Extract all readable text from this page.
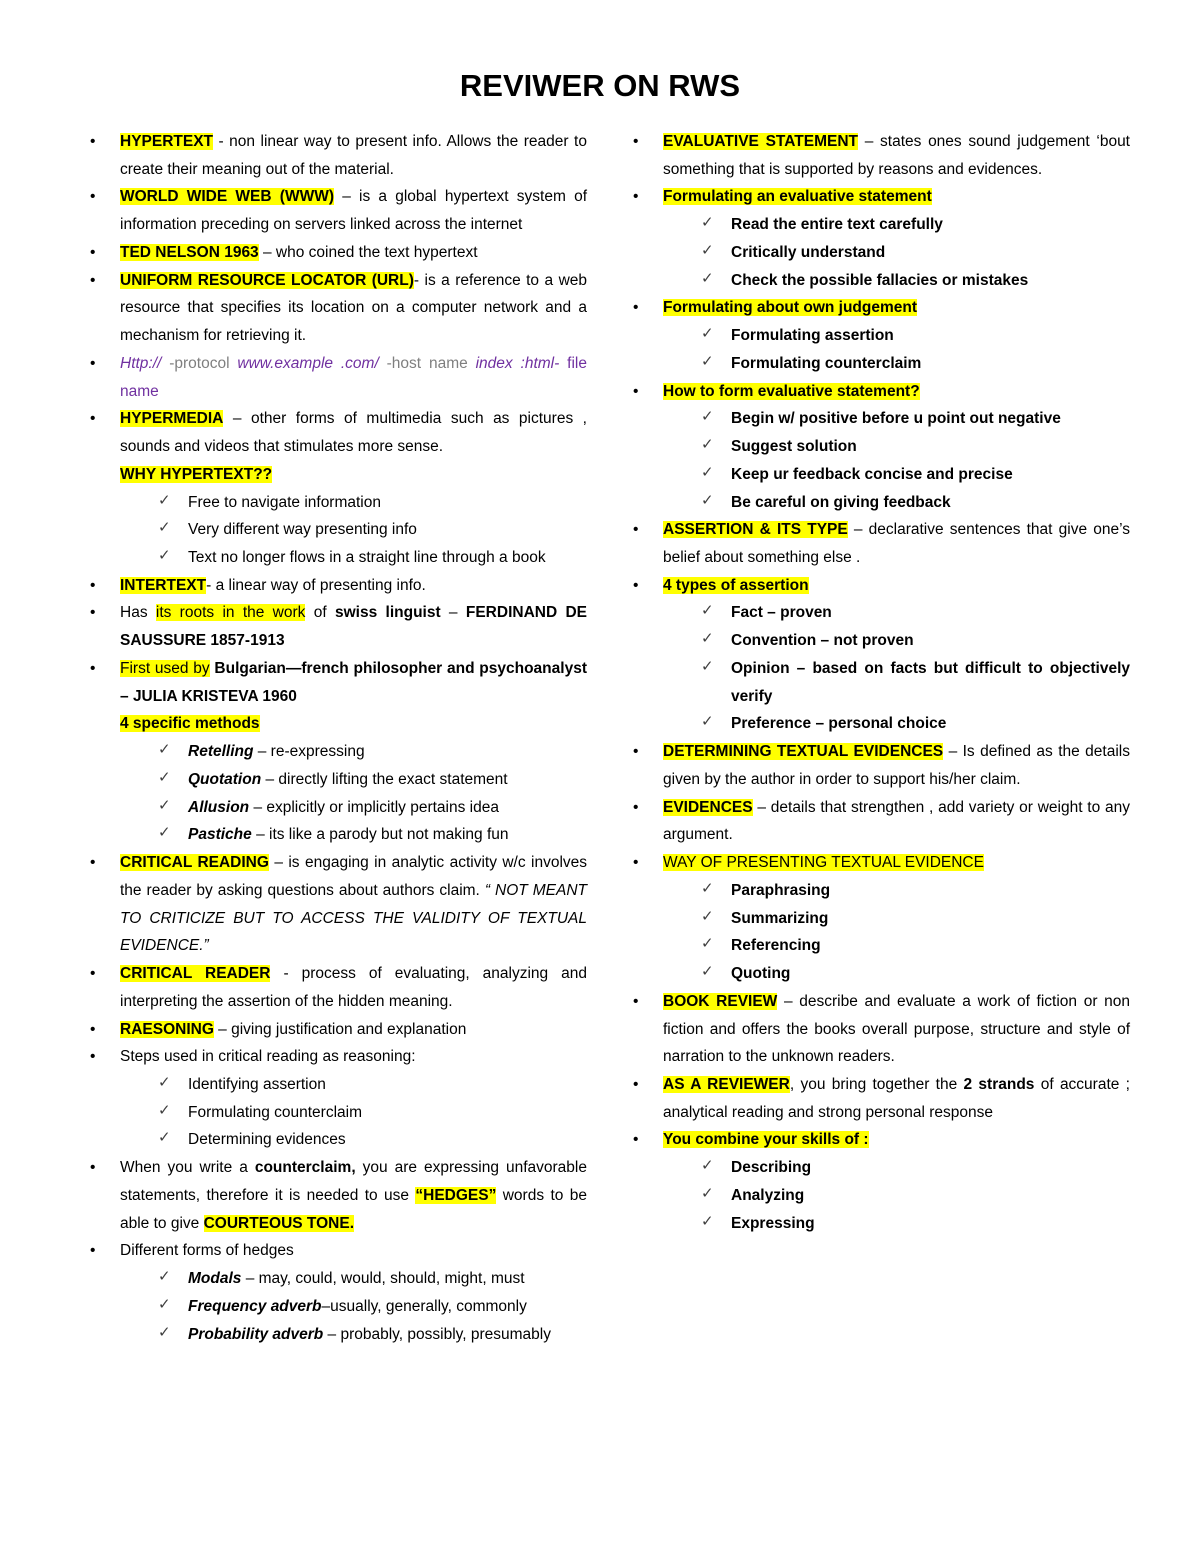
REVIWER ON RWS
• HYPERTEXT - non linear way to present info. Allows the reader to create their meaning out of the material.
• WORLD WIDE WEB (WWW) – is a global hypertext system of information preceding on servers linked across the internet
• TED NELSON 1963 – who coined the text hypertext
• UNIFORM RESOURCE LOCATOR (URL)- is a reference to a web resource that specifies its location on a computer network and a mechanism for retrieving it.
• Http:// -protocol www.example .com/ -host name index :html- file name
• HYPERMEDIA – other forms of multimedia such as pictures , sounds and videos that stimulates more sense.
WHY HYPERTEXT??
✓ Free to navigate information
✓ Very different way presenting info
✓ Text no longer flows in a straight line through a book
• INTERTEXT- a linear way of presenting info.
• Has its roots in the work of swiss linguist – FERDINAND DE SAUSSURE 1857-1913
• First used by Bulgarian—french philosopher and psychoanalyst – JULIA KRISTEVA 1960
4 specific methods
✓ Retelling – re-expressing
✓ Quotation – directly lifting the exact statement
✓ Allusion – explicitly or implicitly pertains idea
✓ Pastiche – its like a parody but not making fun
• CRITICAL READING – is engaging in analytic activity w/c involves the reader by asking questions about authors claim. “ NOT MEANT TO CRITICIZE BUT TO ACCESS THE VALIDITY OF TEXTUAL EVIDENCE.”
• CRITICAL READER - process of evaluating, analyzing and interpreting the assertion of the hidden meaning.
• RAESONING – giving justification and explanation
• Steps used in critical reading as reasoning:
✓ Identifying assertion
✓ Formulating counterclaim
✓ Determining evidences
• When you write a counterclaim, you are expressing unfavorable statements, therefore it is needed to use “HEDGES” words to be able to give COURTEOUS TONE.
• Different forms of hedges
✓ Modals – may, could, would, should, might, must
✓ Frequency adverb–usually, generally, commonly
✓ Probability adverb – probably, possibly, presumably
• EVALUATIVE STATEMENT – states ones sound judgement ‘bout something that is supported by reasons and evidences.
• Formulating an evaluative statement
✓ Read the entire text carefully
✓ Critically understand
✓ Check the possible fallacies or mistakes
• Formulating about own judgement
✓ Formulating assertion
✓ Formulating counterclaim
• How to form evaluative statement?
✓ Begin w/ positive before u point out negative
✓ Suggest solution
✓ Keep ur feedback concise and precise
✓ Be careful on giving feedback
• ASSERTION & ITS TYPE – declarative sentences that give one’s belief about something else .
• 4 types of assertion
✓ Fact – proven
✓ Convention – not proven
✓ Opinion – based on facts but difficult to objectively verify
✓ Preference – personal choice
• DETERMINING TEXTUAL EVIDENCES – Is defined as the details given by the author in order to support his/her claim.
• EVIDENCES – details that strengthen , add variety or weight to any argument.
• WAY OF PRESENTING TEXTUAL EVIDENCE
✓ Paraphrasing
✓ Summarizing
✓ Referencing
✓ Quoting
• BOOK REVIEW – describe and evaluate a work of fiction or non fiction and offers the books overall purpose, structure and style of narration to the unknown readers.
• AS A REVIEWER, you bring together the 2 strands of accurate ; analytical reading and strong personal response
• You combine your skills of :
✓ Describing
✓ Analyzing
✓ Expressing
